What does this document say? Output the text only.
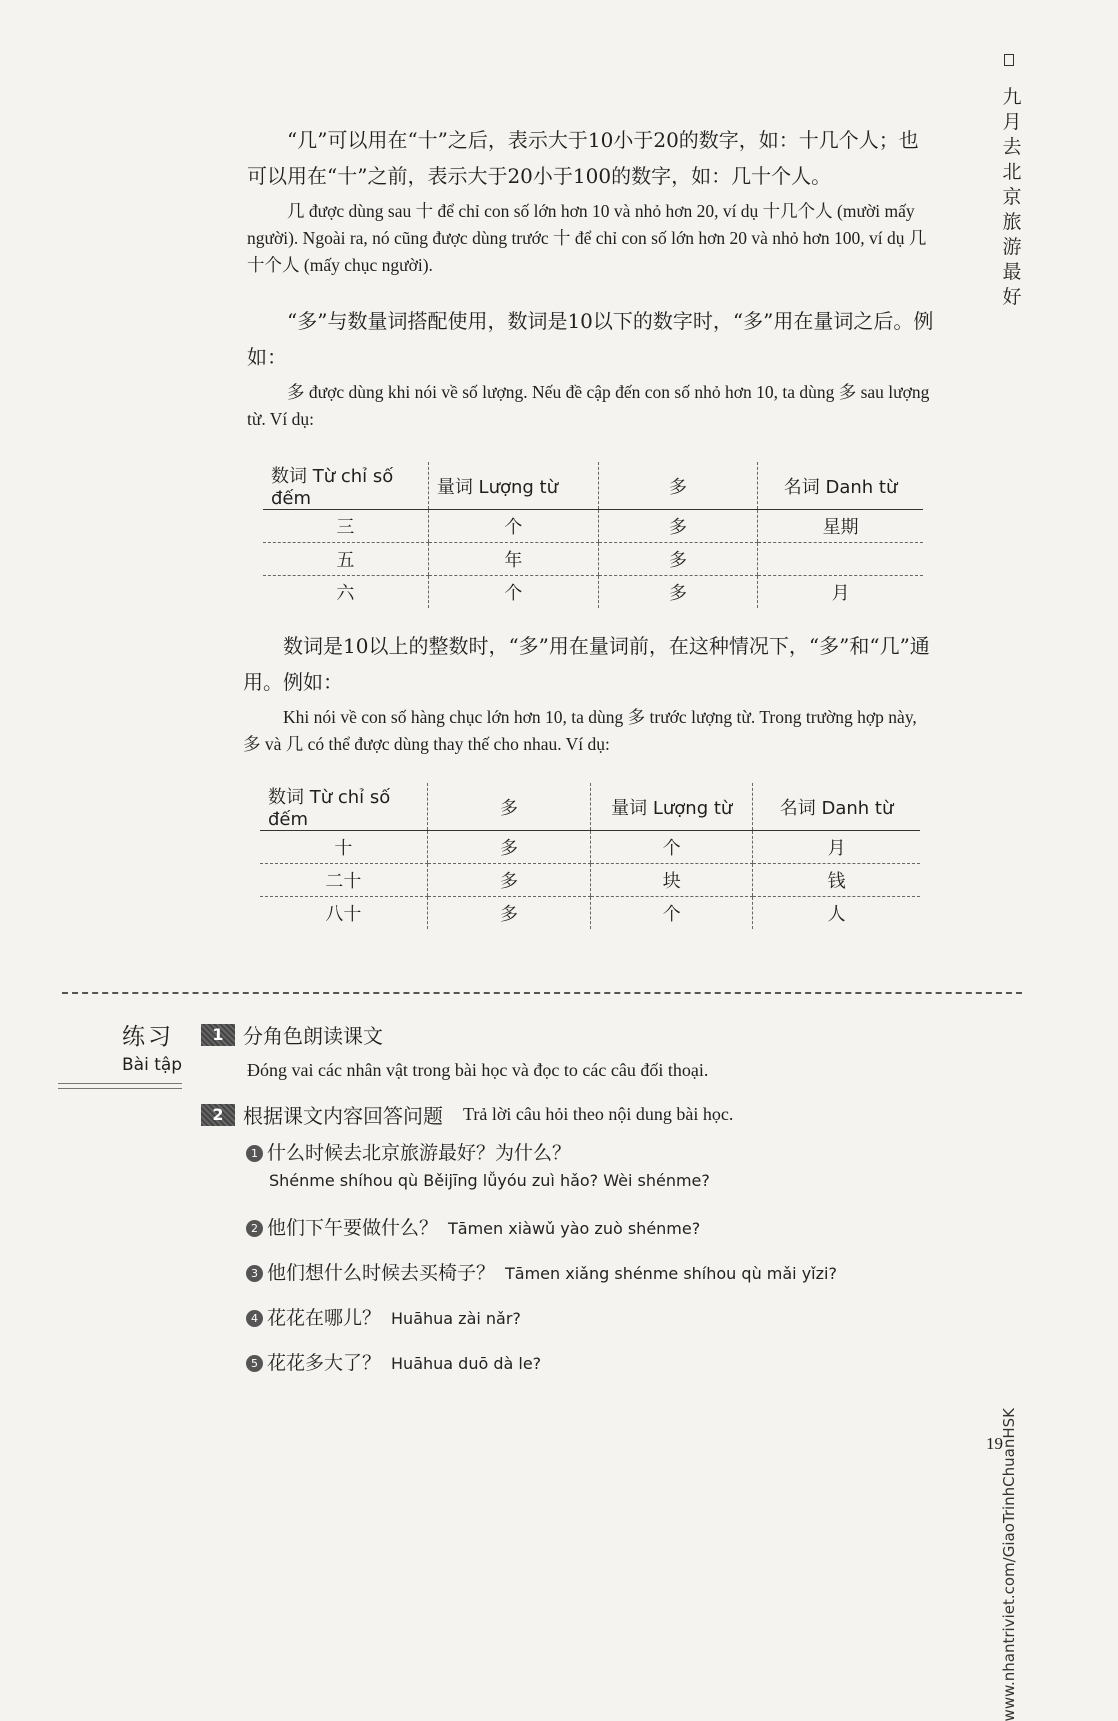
九月去北京旅游最好
www.nhantriviet.com/GiaoTrinhChuanHSK
19

“几”可以用在“十”之后，表示大于10小于20的数字，如：十几个人；也可以用在“十”之前，表示大于20小于100的数字，如：几十个人。

几 được dùng sau 十 để chỉ con số lớn hơn 10 và nhỏ hơn 20, ví dụ 十几个人 (mười mấy người). Ngoài ra, nó cũng được dùng trước 十 để chỉ con số lớn hơn 20 và nhỏ hơn 100, ví dụ 几十个人 (mấy chục người).

“多”与数量词搭配使用，数词是10以下的数字时，“多”用在量词之后。例如：

多 được dùng khi nói về số lượng. Nếu đề cập đến con số nhỏ hơn 10, ta dùng 多 sau lượng từ. Ví dụ:

数词 Từ chỉ số đếm	量词 Lượng từ	多	名词 Danh từ
三	个	多	星期
五	年	多	
六	个	多	月

数词是10以上的整数时，“多”用在量词前，在这种情况下，“多”和“几”通用。例如：

Khi nói về con số hàng chục lớn hơn 10, ta dùng 多 trước lượng từ. Trong trường hợp này, 多 và 几 có thể được dùng thay thế cho nhau. Ví dụ:

数词 Từ chỉ số đếm	多	量词 Lượng từ	名词 Danh từ
十	多	个	月
二十	多	块	钱
八十	多	个	人
练习
Bài tập
1 分角色朗读课文
Đóng vai các nhân vật trong bài học và đọc to các câu đối thoại.
2 根据课文内容回答问题 Trả lời câu hỏi theo nội dung bài học.
1 什么时候去北京旅游最好？为什么？
Shénme shíhou qù Běijīng lǚyóu zuì hǎo? Wèi shénme?
2 他们下午要做什么？ Tāmen xiàwǔ yào zuò shénme?
3 他们想什么时候去买椅子？ Tāmen xiǎng shénme shíhou qù mǎi yǐzi?
4 花花在哪儿？ Huāhua zài nǎr?
5 花花多大了？ Huāhua duō dà le?
